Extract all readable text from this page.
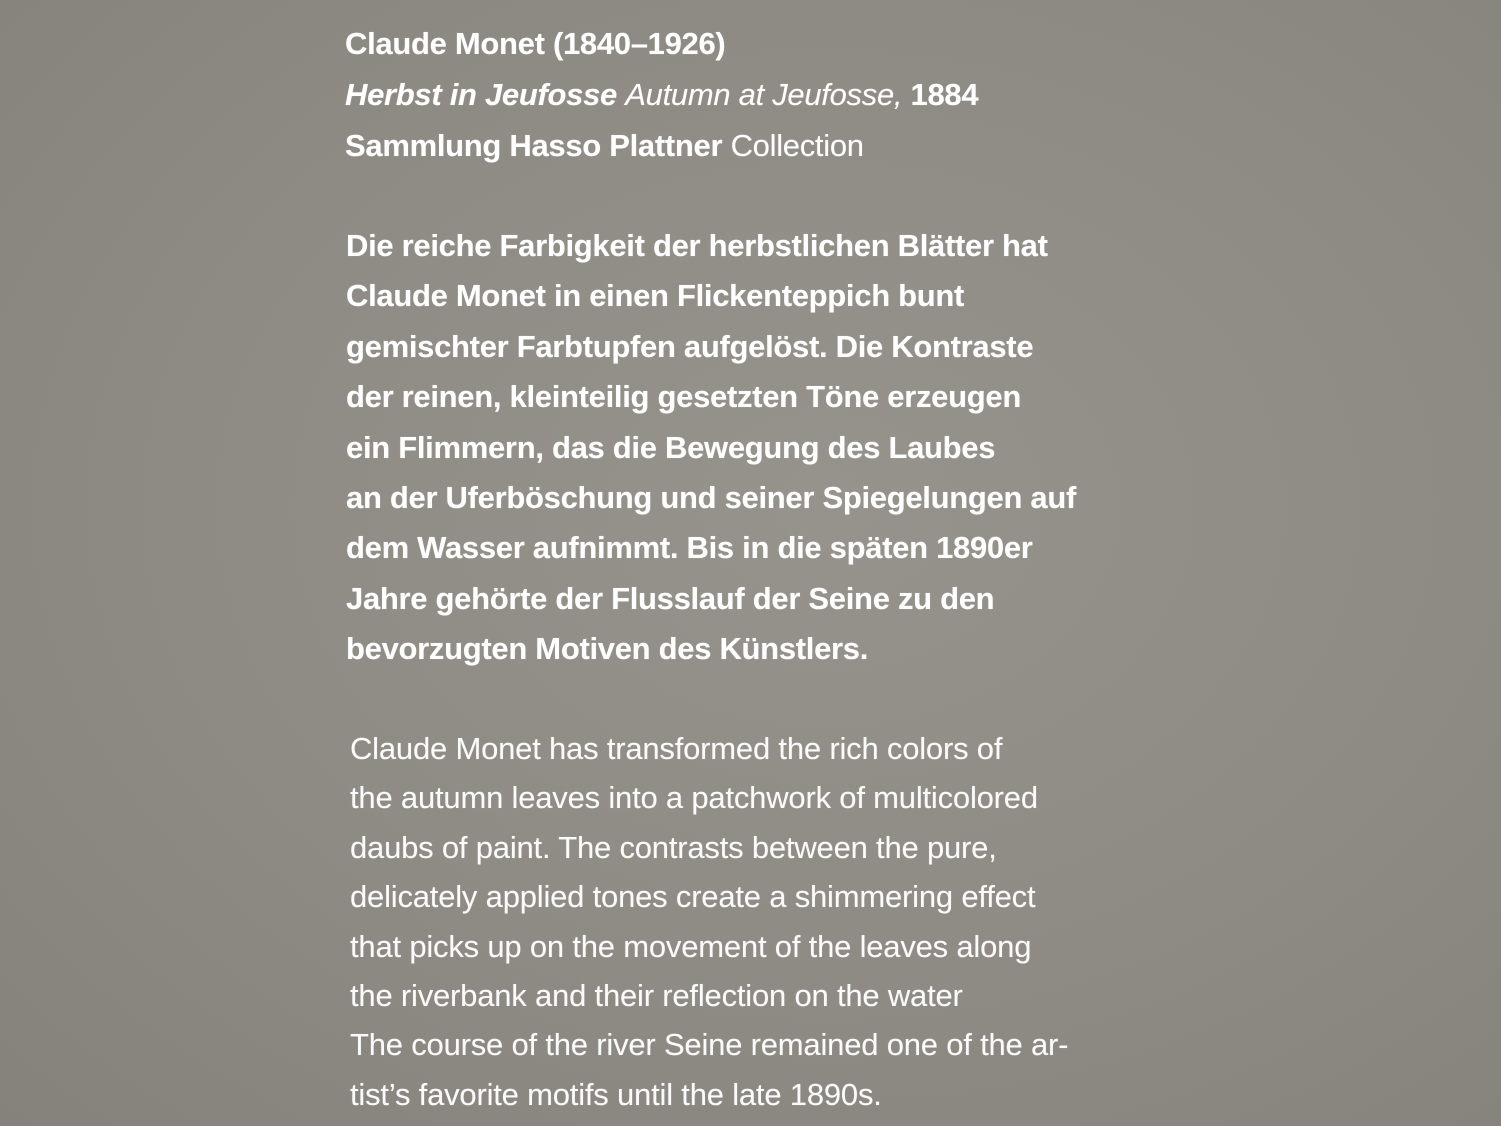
Claude Monet (1840–1926)
Herbst in Jeufosse Autumn at Jeufosse, 1884
Sammlung Hasso Plattner Collection
Die reiche Farbigkeit der herbstlichen Blätter hat
Claude Monet in einen Flickenteppich bunt
gemischter Farbtupfen aufgelöst. Die Kontraste
der reinen, kleinteilig gesetzten Töne erzeugen
ein Flimmern, das die Bewegung des Laubes
an der Uferböschung und seiner Spiegelungen auf
dem Wasser aufnimmt. Bis in die späten 1890er
Jahre gehörte der Flusslauf der Seine zu den
bevorzugten Motiven des Künstlers.
Claude Monet has transformed the rich colors of
the autumn leaves into a patchwork of multicolored
daubs of paint. The contrasts between the pure,
delicately applied tones create a shimmering effect
that picks up on the movement of the leaves along
the riverbank and their reflection on the water
The course of the river Seine remained one of the ar-
tist’s favorite motifs until the late 1890s.
